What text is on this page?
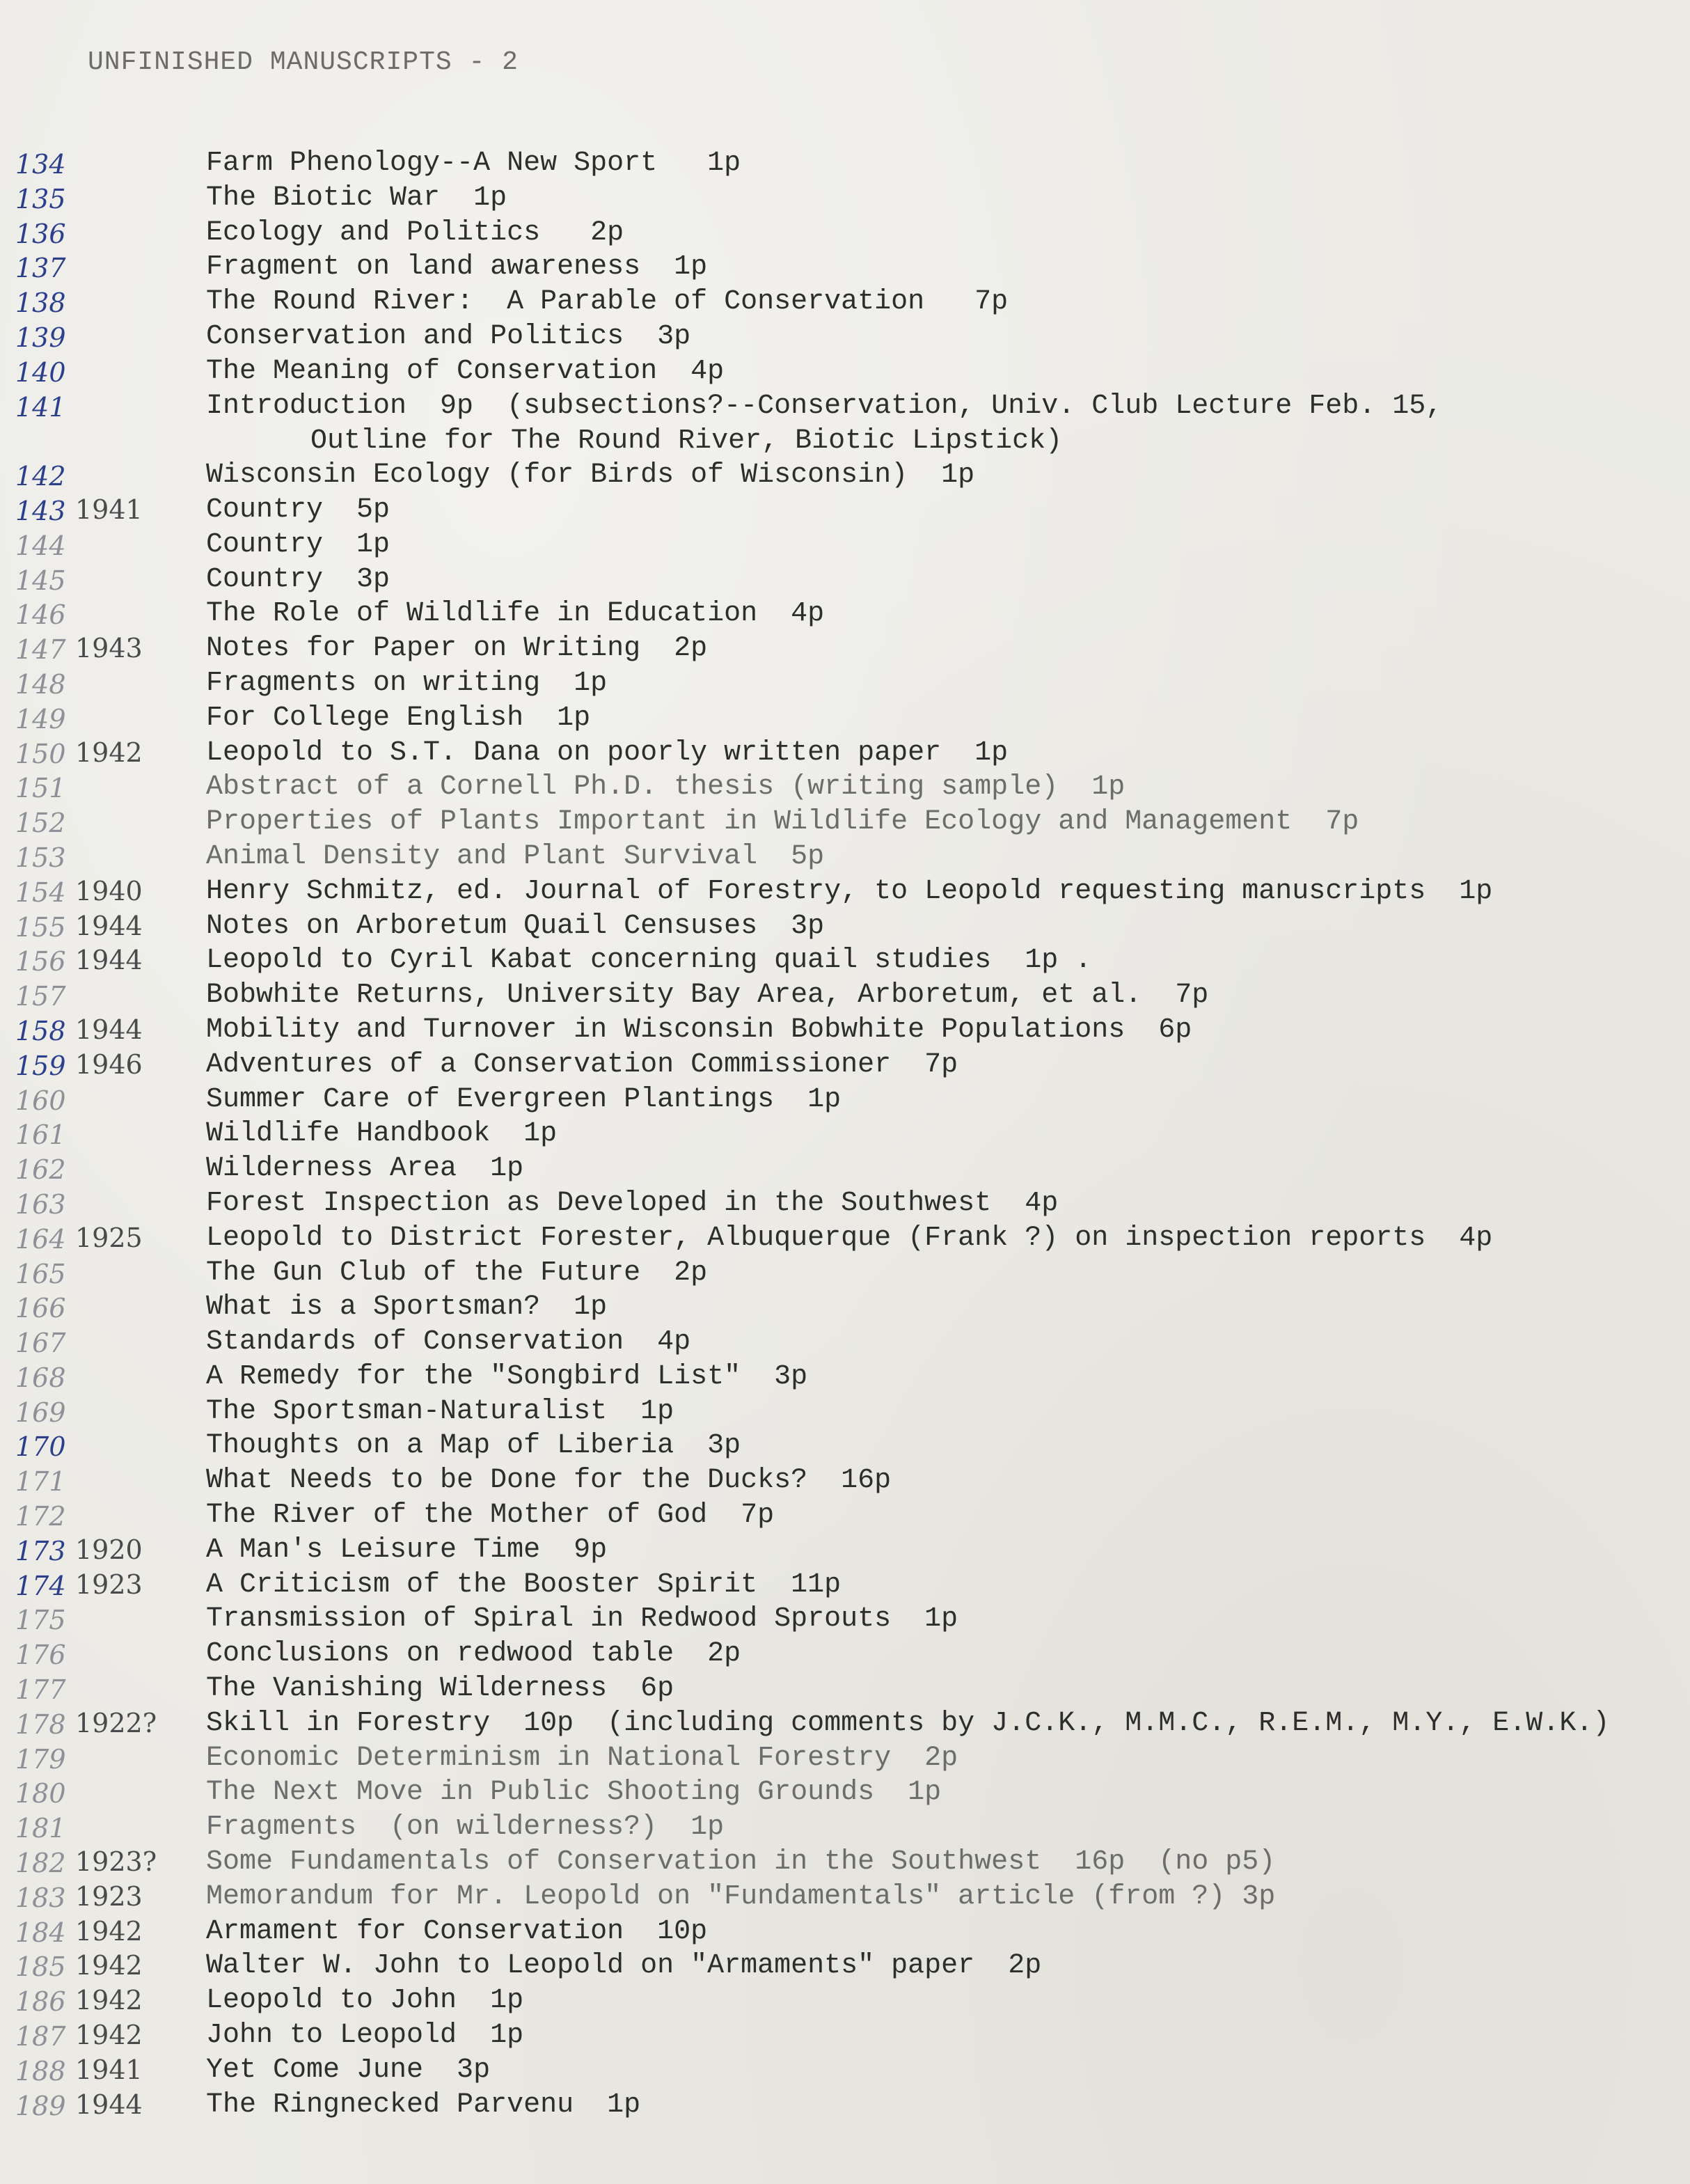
UNFINISHED MANUSCRIPTS - 2
134	Farm Phenology--A New Sport   1p
135	The Biotic War  1p
136	Ecology and Politics   2p
137	Fragment on land awareness  1p
138	The Round River:  A Parable of Conservation   7p
139	Conservation and Politics  3p
140	The Meaning of Conservation  4p
141	Introduction  9p  (subsections?--Conservation, Univ. Club Lecture Feb. 15,
Outline for The Round River, Biotic Lipstick)
142	Wisconsin Ecology (for Birds of Wisconsin)  1p
143 1941 Country  5p
144	Country  1p
145	Country  3p
146	The Role of Wildlife in Education  4p
147 1943 Notes for Paper on Writing  2p
148	Fragments on writing  1p
149	For College English  1p
150 1942 Leopold to S.T. Dana on poorly written paper  1p
151	Abstract of a Cornell Ph.D. thesis (writing sample)  1p
152	Properties of Plants Important in Wildlife Ecology and Management  7p
153	Animal Density and Plant Survival  5p
154 1940 Henry Schmitz, ed. Journal of Forestry, to Leopold requesting manuscripts  1p
155 1944 Notes on Arboretum Quail Censuses  3p
156 1944 Leopold to Cyril Kabat concerning quail studies  1p .
157	Bobwhite Returns, University Bay Area, Arboretum, et al.  7p
158 1944 Mobility and Turnover in Wisconsin Bobwhite Populations  6p
159 1946 Adventures of a Conservation Commissioner  7p
160	Summer Care of Evergreen Plantings  1p
161	Wildlife Handbook  1p
162	Wilderness Area  1p
163	Forest Inspection as Developed in the Southwest  4p
164 1925 Leopold to District Forester, Albuquerque (Frank ?) on inspection reports  4p
165	The Gun Club of the Future  2p
166	What is a Sportsman?  1p
167	Standards of Conservation  4p
168	A Remedy for the "Songbird List"  3p
169	The Sportsman-Naturalist  1p
170	Thoughts on a Map of Liberia  3p
171	What Needs to be Done for the Ducks?  16p
172	The River of the Mother of God  7p
173 1920 A Man's Leisure Time  9p
174 1923 A Criticism of the Booster Spirit  11p
175	Transmission of Spiral in Redwood Sprouts  1p
176	Conclusions on redwood table  2p
177	The Vanishing Wilderness  6p
178 1922? Skill in Forestry  10p  (including comments by J.C.K., M.M.C., R.E.M., M.Y., E.W.K.)
179	Economic Determinism in National Forestry  2p
180	The Next Move in Public Shooting Grounds  1p
181	Fragments  (on wilderness?)  1p
182 1923? Some Fundamentals of Conservation in the Southwest  16p  (no p5)
183 1923 Memorandum for Mr. Leopold on "Fundamentals" article (from ?) 3p
184 1942 Armament for Conservation  10p
185 1942 Walter W. John to Leopold on "Armaments" paper  2p
186 1942 Leopold to John  1p
187 1942 John to Leopold  1p
188 1941 Yet Come June  3p
189 1944 The Ringnecked Parvenu  1p
